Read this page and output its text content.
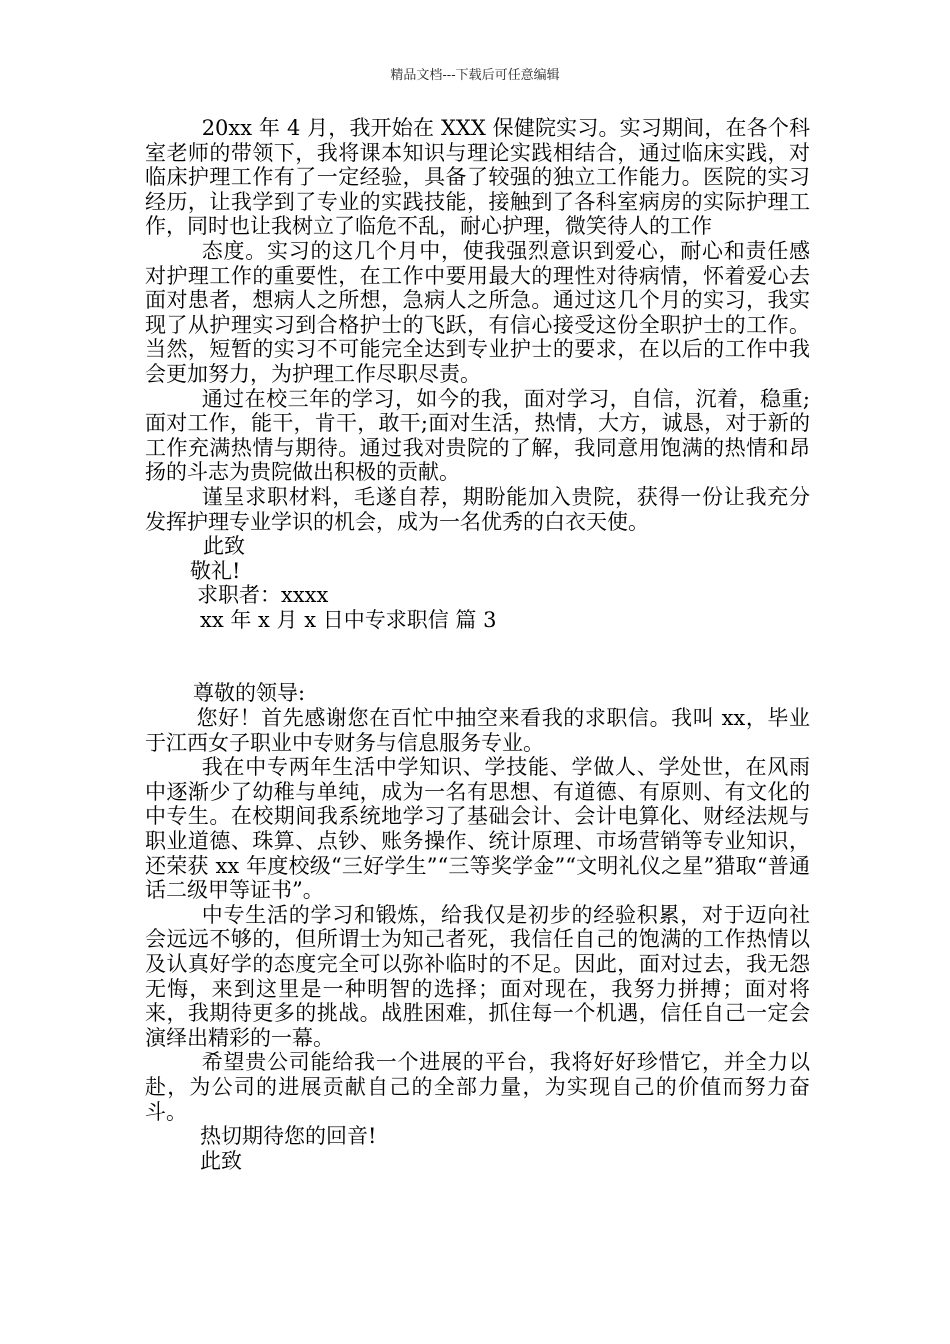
精品文档---下载后可任意编辑

20xx 年 4 月，我开始在 XXX 保健院实习。实习期间，在各个科室老师的带领下，我将课本知识与理论实践相结合，通过临床实践，对临床护理工作有了一定经验，具备了较强的独立工作能力。医院的实习经历，让我学到了专业的实践技能，接触到了各科室病房的实际护理工作，同时也让我树立了临危不乱，耐心护理，微笑待人的工作

态度。实习的这几个月中，使我强烈意识到爱心，耐心和责任感对护理工作的重要性，在工作中要用最大的理性对待病情，怀着爱心去面对患者，想病人之所想，急病人之所急。通过这几个月的实习，我实现了从护理实习到合格护士的飞跃，有信心接受这份全职护士的工作。当然，短暂的实习不可能完全达到专业护士的要求，在以后的工作中我会更加努力，为护理工作尽职尽责。

通过在校三年的学习，如今的我，面对学习，自信，沉着，稳重;面对工作，能干，肯干，敢干;面对生活，热情，大方，诚恳，对于新的工作充满热情与期待。通过我对贵院的了解，我同意用饱满的热情和昂扬的斗志为贵院做出积极的贡献。

谨呈求职材料，毛遂自荐，期盼能加入贵院，获得一份让我充分发挥护理专业学识的机会，成为一名优秀的白衣天使。

此致

敬礼!

求职者：xxxx

xx 年 x 月 x 日中专求职信 篇 3

尊敬的领导:

您好！首先感谢您在百忙中抽空来看我的求职信。我叫 xx，毕业于江西女子职业中专财务与信息服务专业。

我在中专两年生活中学知识、学技能、学做人、学处世，在风雨中逐渐少了幼稚与单纯，成为一名有思想、有道德、有原则、有文化的中专生。在校期间我系统地学习了基础会计、会计电算化、财经法规与职业道德、珠算、点钞、账务操作、统计原理、市场营销等专业知识，还荣获 xx 年度校级“三好学生”“三等奖学金”“文明礼仪之星”猎取“普通话二级甲等证书”。

中专生活的学习和锻炼，给我仅是初步的经验积累，对于迈向社会远远不够的，但所谓士为知己者死，我信任自己的饱满的工作热情以及认真好学的态度完全可以弥补临时的不足。因此，面对过去，我无怨无悔，来到这里是一种明智的选择；面对现在，我努力拼搏；面对将来，我期待更多的挑战。战胜困难，抓住每一个机遇，信任自己一定会演绎出精彩的一幕。

希望贵公司能给我一个进展的平台，我将好好珍惜它，并全力以赴，为公司的进展贡献自己的全部力量，为实现自己的价值而努力奋斗。

热切期待您的回音!

此致
